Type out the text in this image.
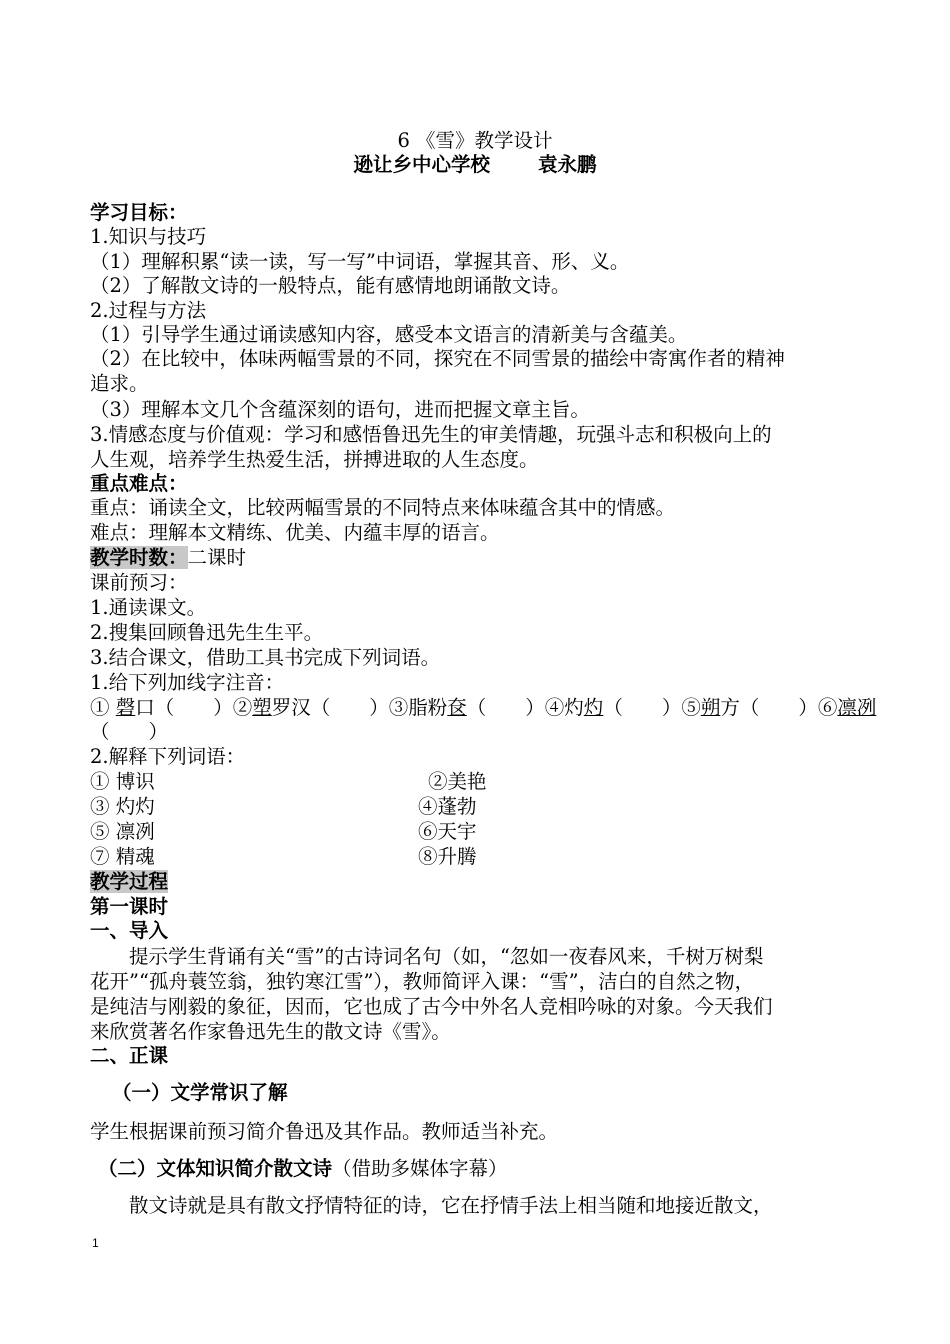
6 《雪》教学设计
逊让乡中心学校 袁永鹏
学习目标：
1.知识与技巧
（1）理解积累“读一读，写一写”中词语，掌握其音、形、义。
（2）了解散文诗的一般特点，能有感情地朗诵散文诗。
2.过程与方法
（1）引导学生通过诵读感知内容，感受本文语言的清新美与含蕴美。
（2）在比较中，体味两幅雪景的不同，探究在不同雪景的描绘中寄寓作者的精神
追求。
（3）理解本文几个含蕴深刻的语句，进而把握文章主旨。
3.情感态度与价值观：学习和感悟鲁迅先生的审美情趣，玩强斗志和积极向上的
人生观，培养学生热爱生活，拼搏进取的人生态度。
重点难点：
重点：诵读全文，比较两幅雪景的不同特点来体味蕴含其中的情感。
难点：理解本文精练、优美、内蕴丰厚的语言。
教学时数：二课时
课前预习：
1.通读课文。
2.搜集回顾鲁迅先生生平。
3.结合课文，借助工具书完成下列词语。
1.给下列加线字注音：
① 磬口（　　）②塑罗汉（　　）③脂粉奁（　　）④灼灼（　　）⑤朔方（　　）⑥凛冽
（　　）
2.解释下列词语：
① 博识	②美艳
③ 灼灼	④蓬勃
⑤ 凛冽	⑥天宇
⑦ 精魂	⑧升腾
教学过程
第一课时
一、导入
　　提示学生背诵有关“雪”的古诗词名句（如，“忽如一夜春风来，千树万树梨
花开”“孤舟蓑笠翁，独钓寒江雪”），教师简评入课：“雪”，洁白的自然之物，
是纯洁与刚毅的象征，因而，它也成了古今中外名人竞相吟咏的对象。今天我们
来欣赏著名作家鲁迅先生的散文诗《雪》。
二、正课
（一）文学常识了解
学生根据课前预习简介鲁迅及其作品。教师适当补充。
（二）文体知识简介散文诗（借助多媒体字幕）
　　散文诗就是具有散文抒情特征的诗，它在抒情手法上相当随和地接近散文，
1
